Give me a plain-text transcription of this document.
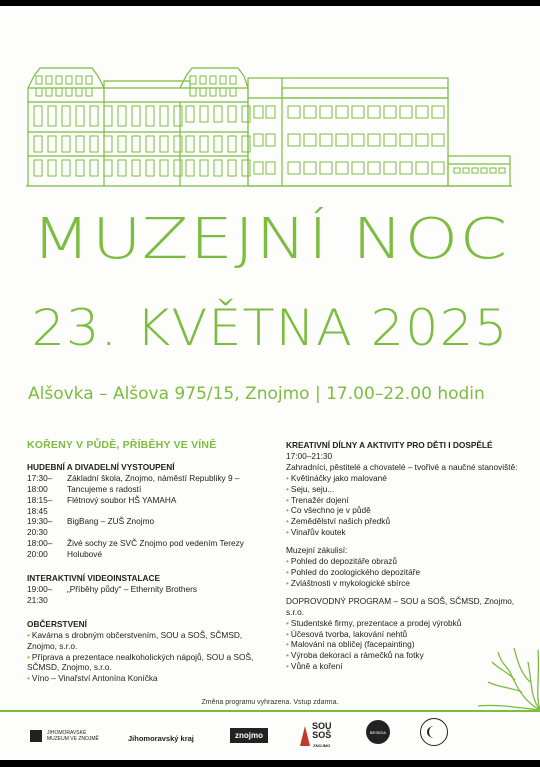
MUZEJNÍ NOC
23. KVĚTNA 2025
Alšovka – Alšova 975/15, Znojmo | 17.00–22.00 hodin
KOŘENY V PŮDĚ, PŘÍBĚHY VE VÍNĚ
HUDEBNÍ A DIVADELNÍ VYSTOUPENÍ
17:30–18:00
Základní škola, Znojmo, náměstí Republiky 9 – Tancujeme s radostí
18:15–18:45
Flétnový soubor HŠ YAMAHA
19:30–20:30
BigBang – ZUŠ Znojmo
18:00–20:00
Živé sochy ze SVČ Znojmo pod vedením Terezy Holubové
INTERAKTIVNÍ VIDEOINSTALACE
19:00–21:30
„Příběhy půdy“ – Ethernity Brothers
OBČERSTVENÍ
• Kavárna s drobným občerstvením, SOU a SOŠ, SČMSD, Znojmo, s.r.o.
• Příprava a prezentace nealkoholických nápojů, SOU a SOŠ, SČMSD, Znojmo, s.r.o.
• Víno – Vinařství Antonína Koníčka
KREATIVNÍ DÍLNY A AKTIVITY PRO DĚTI I DOSPĚLÉ
17:00–21:30
Zahradníci, pěstitelé a chovatelé – tvořivé a naučné stanoviště:
• Květináčky jako malované
• Seju, seju...
• Trenažér dojení
• Co všechno je v půdě
• Zemědělství našich předků
• Vinařův koutek
Muzejní zákulisí:
• Pohled do depozitáře obrazů
• Pohled do zoologického depozitáře
• Zvláštnosti v mykologické sbírce
DOPROVODNÝ PROGRAM – SOU a SOŠ, SČMSD, Znojmo, s.r.o.
• Studentské firmy, prezentace a prodej výrobků
• Účesová tvorba, lakování nehtů
• Malování na obličej (facepainting)
• Výroba dekorací a rámečků na fotky
• Vůně a koření
Změna programu vyhrazena. Vstup zdarma.
JIHOMORAVSKÉ
MUZEUM VE ZNOJMĚ	Jihomoravský kraj	znojmo
SOU
SOŠ
ZNOJMO
BESEDA
